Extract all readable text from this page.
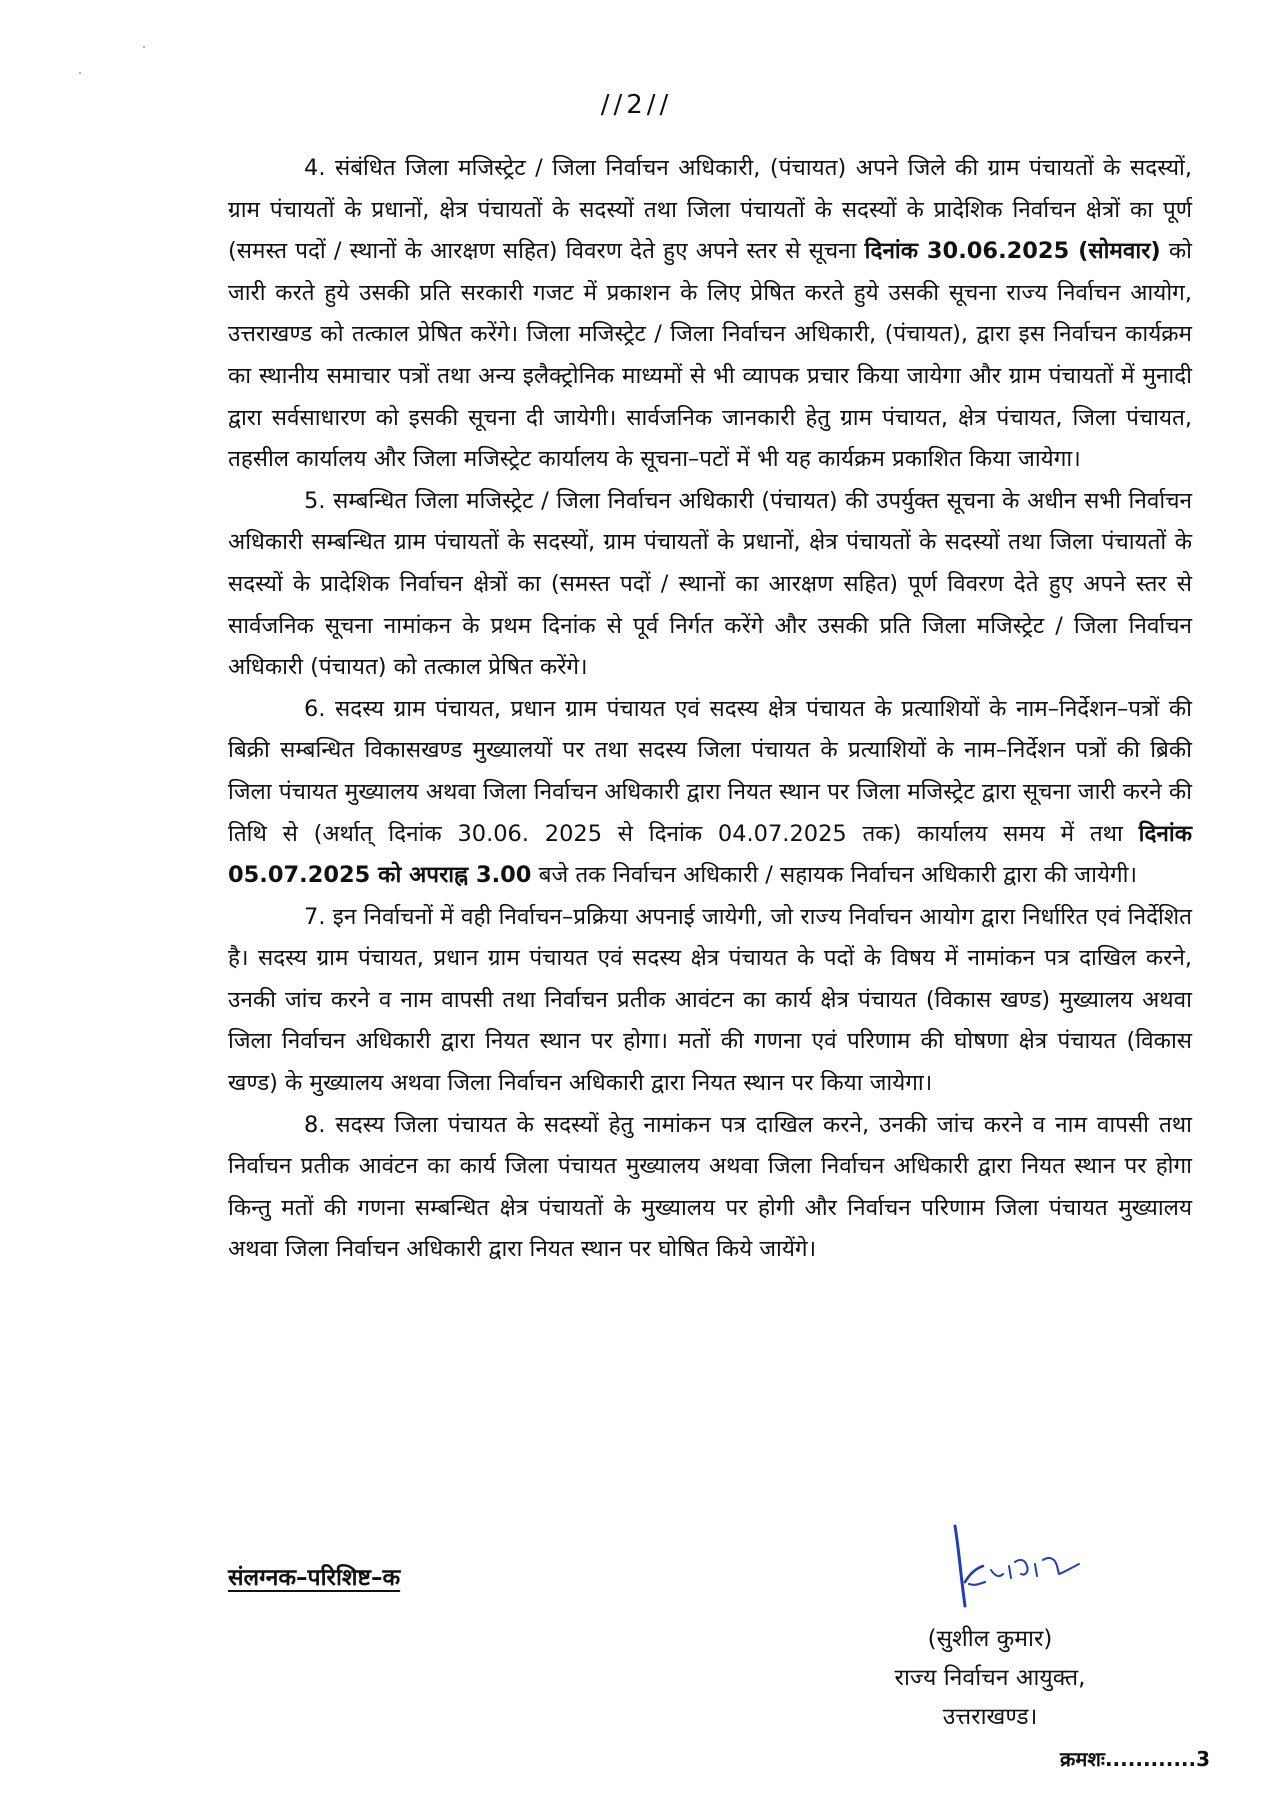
//2//

4. संबंधित जिला मजिस्ट्रेट / जिला निर्वाचन अधिकारी, (पंचायत) अपने जिले की ग्राम पंचायतों के सदस्यों, ग्राम पंचायतों के प्रधानों, क्षेत्र पंचायतों के सदस्यों तथा जिला पंचायतों के सदस्यों के प्रादेशिक निर्वाचन क्षेत्रों का पूर्ण (समस्त पदों / स्थानों के आरक्षण सहित) विवरण देते हुए अपने स्तर से सूचना दिनांक 30.06.2025 (सोमवार) को जारी करते हुये उसकी प्रति सरकारी गजट में प्रकाशन के लिए प्रेषित करते हुये उसकी सूचना राज्य निर्वाचन आयोग, उत्तराखण्ड को तत्काल प्रेषित करेंगे। जिला मजिस्ट्रेट / जिला निर्वाचन अधिकारी, (पंचायत), द्वारा इस निर्वाचन कार्यक्रम का स्थानीय समाचार पत्रों तथा अन्य इलैक्ट्रोनिक माध्यमों से भी व्यापक प्रचार किया जायेगा और ग्राम पंचायतों में मुनादी द्वारा सर्वसाधारण को इसकी सूचना दी जायेगी। सार्वजनिक जानकारी हेतु ग्राम पंचायत, क्षेत्र पंचायत, जिला पंचायत, तहसील कार्यालय और जिला मजिस्ट्रेट कार्यालय के सूचना–पटों में भी यह कार्यक्रम प्रकाशित किया जायेगा।

5. सम्बन्धित जिला मजिस्ट्रेट / जिला निर्वाचन अधिकारी (पंचायत) की उपर्युक्त सूचना के अधीन सभी निर्वाचन अधिकारी सम्बन्धित ग्राम पंचायतों के सदस्यों, ग्राम पंचायतों के प्रधानों, क्षेत्र पंचायतों के सदस्यों तथा जिला पंचायतों के सदस्यों के प्रादेशिक निर्वाचन क्षेत्रों का (समस्त पदों / स्थानों का आरक्षण सहित) पूर्ण विवरण देते हुए अपने स्तर से सार्वजनिक सूचना नामांकन के प्रथम दिनांक से पूर्व निर्गत करेंगे और उसकी प्रति जिला मजिस्ट्रेट / जिला निर्वाचन अधिकारी (पंचायत) को तत्काल प्रेषित करेंगे।

6. सदस्य ग्राम पंचायत, प्रधान ग्राम पंचायत एवं सदस्य क्षेत्र पंचायत के प्रत्याशियों के नाम–निर्देशन–पत्रों की बिक्री सम्बन्धित विकासखण्ड मुख्यालयों पर तथा सदस्य जिला पंचायत के प्रत्याशियों के नाम–निर्देशन पत्रों की ब्रिकी जिला पंचायत मुख्यालय अथवा जिला निर्वाचन अधिकारी द्वारा नियत स्थान पर जिला मजिस्ट्रेट द्वारा सूचना जारी करने की तिथि से (अर्थात् दिनांक 30.06. 2025 से दिनांक 04.07.2025 तक) कार्यालय समय में तथा दिनांक 05.07.2025 को अपराह्न 3.00 बजे तक निर्वाचन अधिकारी / सहायक निर्वाचन अधिकारी द्वारा की जायेगी।

7. इन निर्वाचनों में वही निर्वाचन–प्रक्रिया अपनाई जायेगी, जो राज्य निर्वाचन आयोग द्वारा निर्धारित एवं निर्देशित है। सदस्य ग्राम पंचायत, प्रधान ग्राम पंचायत एवं सदस्य क्षेत्र पंचायत के पदों के विषय में नामांकन पत्र दाखिल करने, उनकी जांच करने व नाम वापसी तथा निर्वाचन प्रतीक आवंटन का कार्य क्षेत्र पंचायत (विकास खण्ड) मुख्यालय अथवा जिला निर्वाचन अधिकारी द्वारा नियत स्थान पर होगा। मतों की गणना एवं परिणाम की घोषणा क्षेत्र पंचायत (विकास खण्ड) के मुख्यालय अथवा जिला निर्वाचन अधिकारी द्वारा नियत स्थान पर किया जायेगा।

8. सदस्य जिला पंचायत के सदस्यों हेतु नामांकन पत्र दाखिल करने, उनकी जांच करने व नाम वापसी तथा निर्वाचन प्रतीक आवंटन का कार्य जिला पंचायत मुख्यालय अथवा जिला निर्वाचन अधिकारी द्वारा नियत स्थान पर होगा किन्तु मतों की गणना सम्बन्धित क्षेत्र पंचायतों के मुख्यालय पर होगी और निर्वाचन परिणाम जिला पंचायत मुख्यालय अथवा जिला निर्वाचन अधिकारी द्वारा नियत स्थान पर घोषित किये जायेंगे।

संलग्नक–परिशिष्ट–क
(सुशील कुमार)
राज्य निर्वाचन आयुक्त,
उत्तराखण्ड।
क्रमशः............3
